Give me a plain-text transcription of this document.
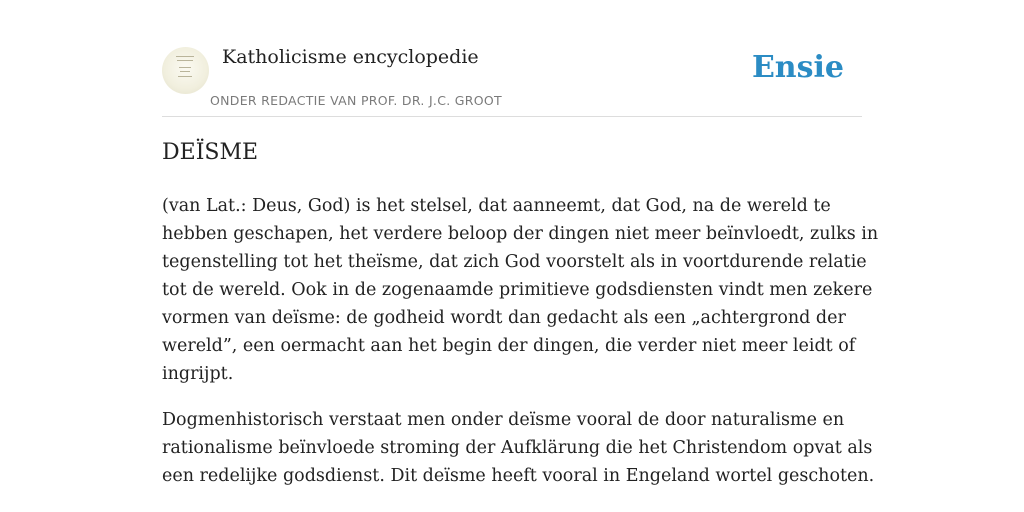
Katholicisme encyclopedie
ONDER REDACTIE VAN PROF. DR. J.C. GROOT
Ensie
DEÏSME

(van Lat.: Deus, God) is het stelsel, dat aanneemt, dat God, na de wereld te
hebben geschapen, het verdere beloop der dingen niet meer beïnvloedt, zulks in
tegenstelling tot het theïsme, dat zich God voorstelt als in voortdurende relatie
tot de wereld. Ook in de zogenaamde primitieve godsdiensten vindt men zekere
vormen van deïsme: de godheid wordt dan gedacht als een „achtergrond der
wereld”, een oermacht aan het begin der dingen, die verder niet meer leidt of
ingrijpt.

Dogmenhistorisch verstaat men onder deïsme vooral de door naturalisme en
rationalisme beïnvloede stroming der Aufklärung die het Christendom opvat als
een redelijke godsdienst. Dit deïsme heeft vooral in Engeland wortel geschoten.
